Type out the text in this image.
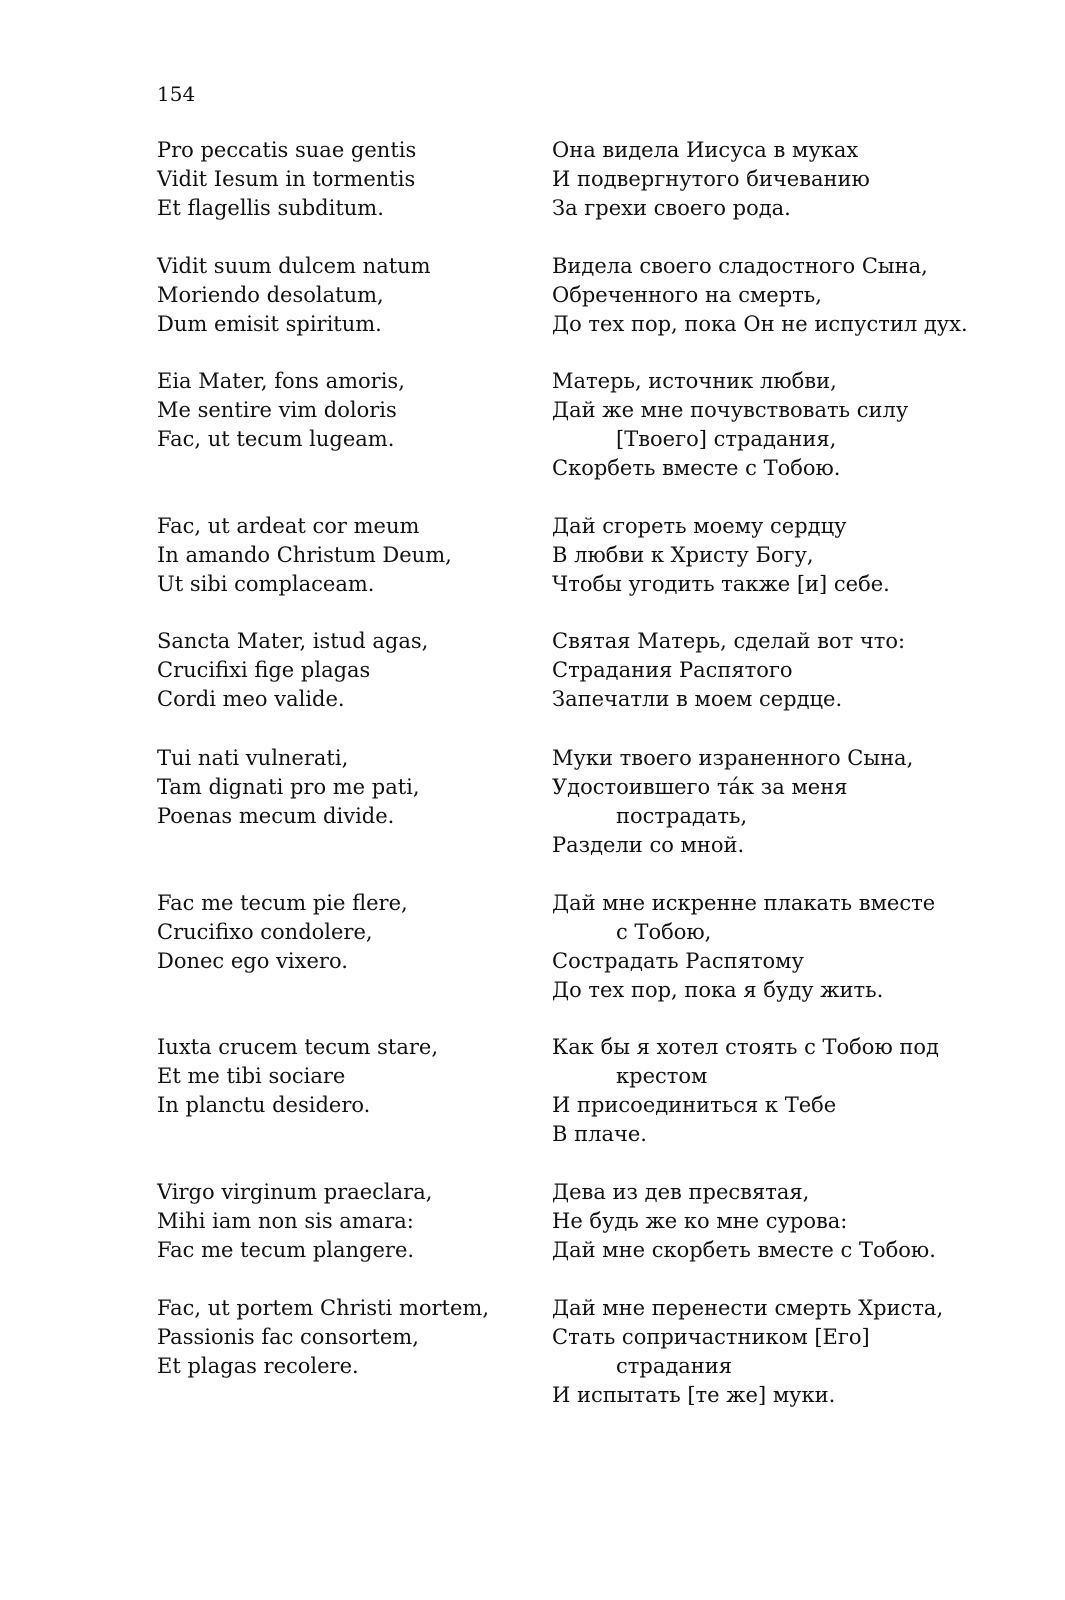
154
Pro peccatis suae gentis
Vidit Iesum in tormentis
Et flagellis subditum.
Vidit suum dulcem natum
Moriendo desolatum,
Dum emisit spiritum.
Eia Mater, fons amoris,
Me sentire vim doloris
Fac, ut tecum lugeam.
Fac, ut ardeat cor meum
In amando Christum Deum,
Ut sibi complaceam.
Sancta Mater, istud agas,
Crucifixi fige plagas
Cordi meo valide.
Tui nati vulnerati,
Tam dignati pro me pati,
Poenas mecum divide.
Fac me tecum pie flere,
Crucifixo condolere,
Donec ego vixero.
Iuxta crucem tecum stare,
Et me tibi sociare
In planctu desidero.
Virgo virginum praeclara,
Mihi iam non sis amara:
Fac me tecum plangere.
Fac, ut portem Christi mortem,
Passionis fac consortem,
Et plagas recolere.
Она видела Иисуса в муках
И подвергнутого бичеванию
За грехи своего рода.
Видела своего сладостного Сына,
Обреченного на смерть,
До тех пор, пока Он не испустил дух.
Матерь, источник любви,
Дай же мне почувствовать силу
[Твоего] страдания,
Скорбеть вместе с Тобою.
Дай сгореть моему сердцу
В любви к Христу Богу,
Чтобы угодить также [и] себе.
Святая Матерь, сделай вот что:
Страдания Распятого
Запечатли в моем сердце.
Муки твоего израненного Сына,
Удостоившего та́к за меня
пострадать,
Раздели со мной.
Дай мне искренне плакать вместе
с Тобою,
Сострадать Распятому
До тех пор, пока я буду жить.
Как бы я хотел стоять с Тобою под
крестом
И присоединиться к Тебе
В плаче.
Дева из дев пресвятая,
Не будь же ко мне сурова:
Дай мне скорбеть вместе с Тобою.
Дай мне перенести смерть Христа,
Стать сопричастником [Его]
страдания
И испытать [те же] муки.
